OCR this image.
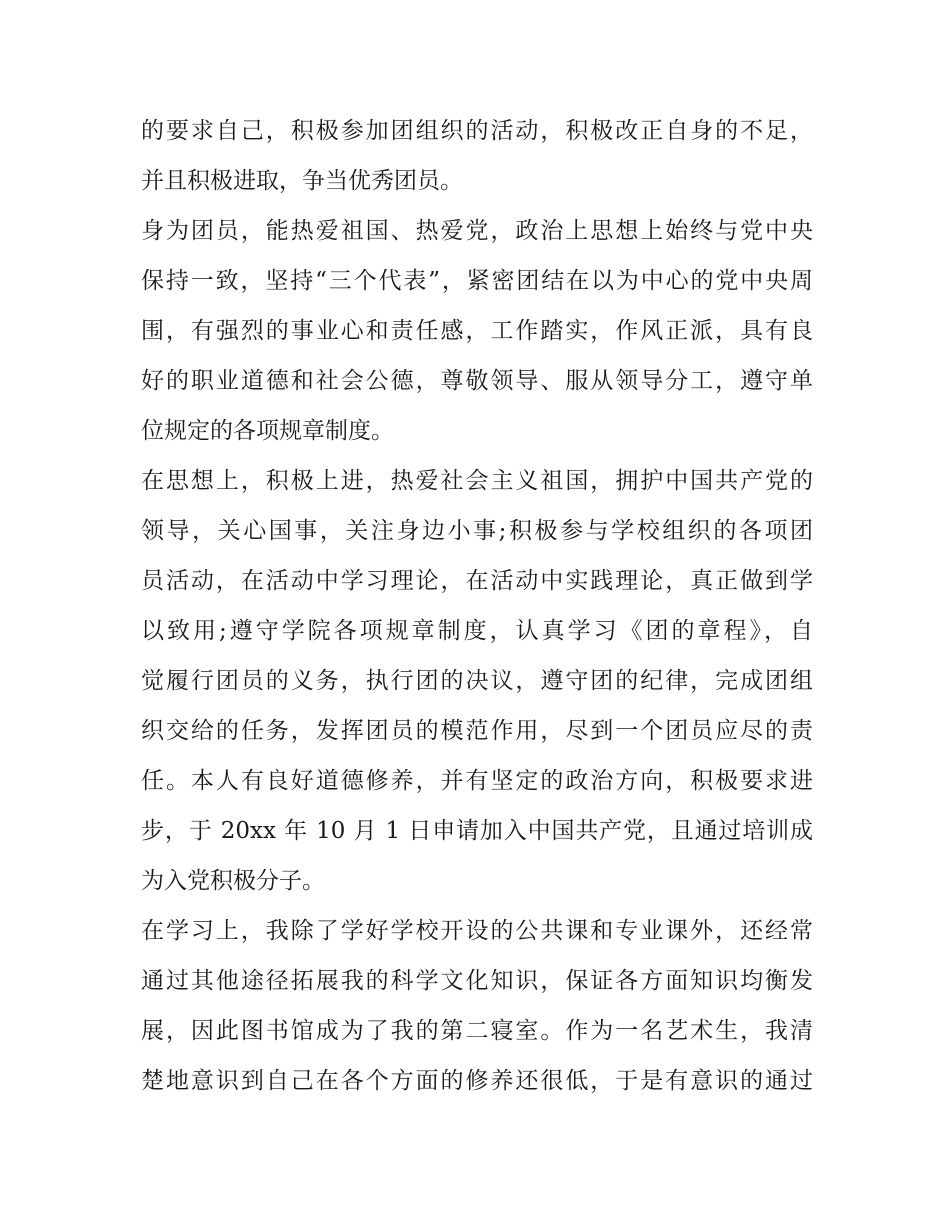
的要求自己，积极参加团组织的活动，积极改正自身的不足，
并且积极进取，争当优秀团员。
身为团员，能热爱祖国、热爱党，政治上思想上始终与党中央
保持一致，坚持“三个代表”，紧密团结在以为中心的党中央周
围，有强烈的事业心和责任感，工作踏实，作风正派，具有良
好的职业道德和社会公德，尊敬领导、服从领导分工，遵守单
位规定的各项规章制度。
在思想上，积极上进，热爱社会主义祖国，拥护中国共产党的
领导，关心国事，关注身边小事;积极参与学校组织的各项团
员活动，在活动中学习理论，在活动中实践理论，真正做到学
以致用;遵守学院各项规章制度，认真学习《团的章程》，自
觉履行团员的义务，执行团的决议，遵守团的纪律，完成团组
织交给的任务，发挥团员的模范作用，尽到一个团员应尽的责
任。本人有良好道德修养，并有坚定的政治方向，积极要求进
步，于 20xx 年 10 月 1 日申请加入中国共产党，且通过培训成
为入党积极分子。
在学习上，我除了学好学校开设的公共课和专业课外，还经常
通过其他途径拓展我的科学文化知识，保证各方面知识均衡发
展，因此图书馆成为了我的第二寝室。作为一名艺术生，我清
楚地意识到自己在各个方面的修养还很低，于是有意识的通过
